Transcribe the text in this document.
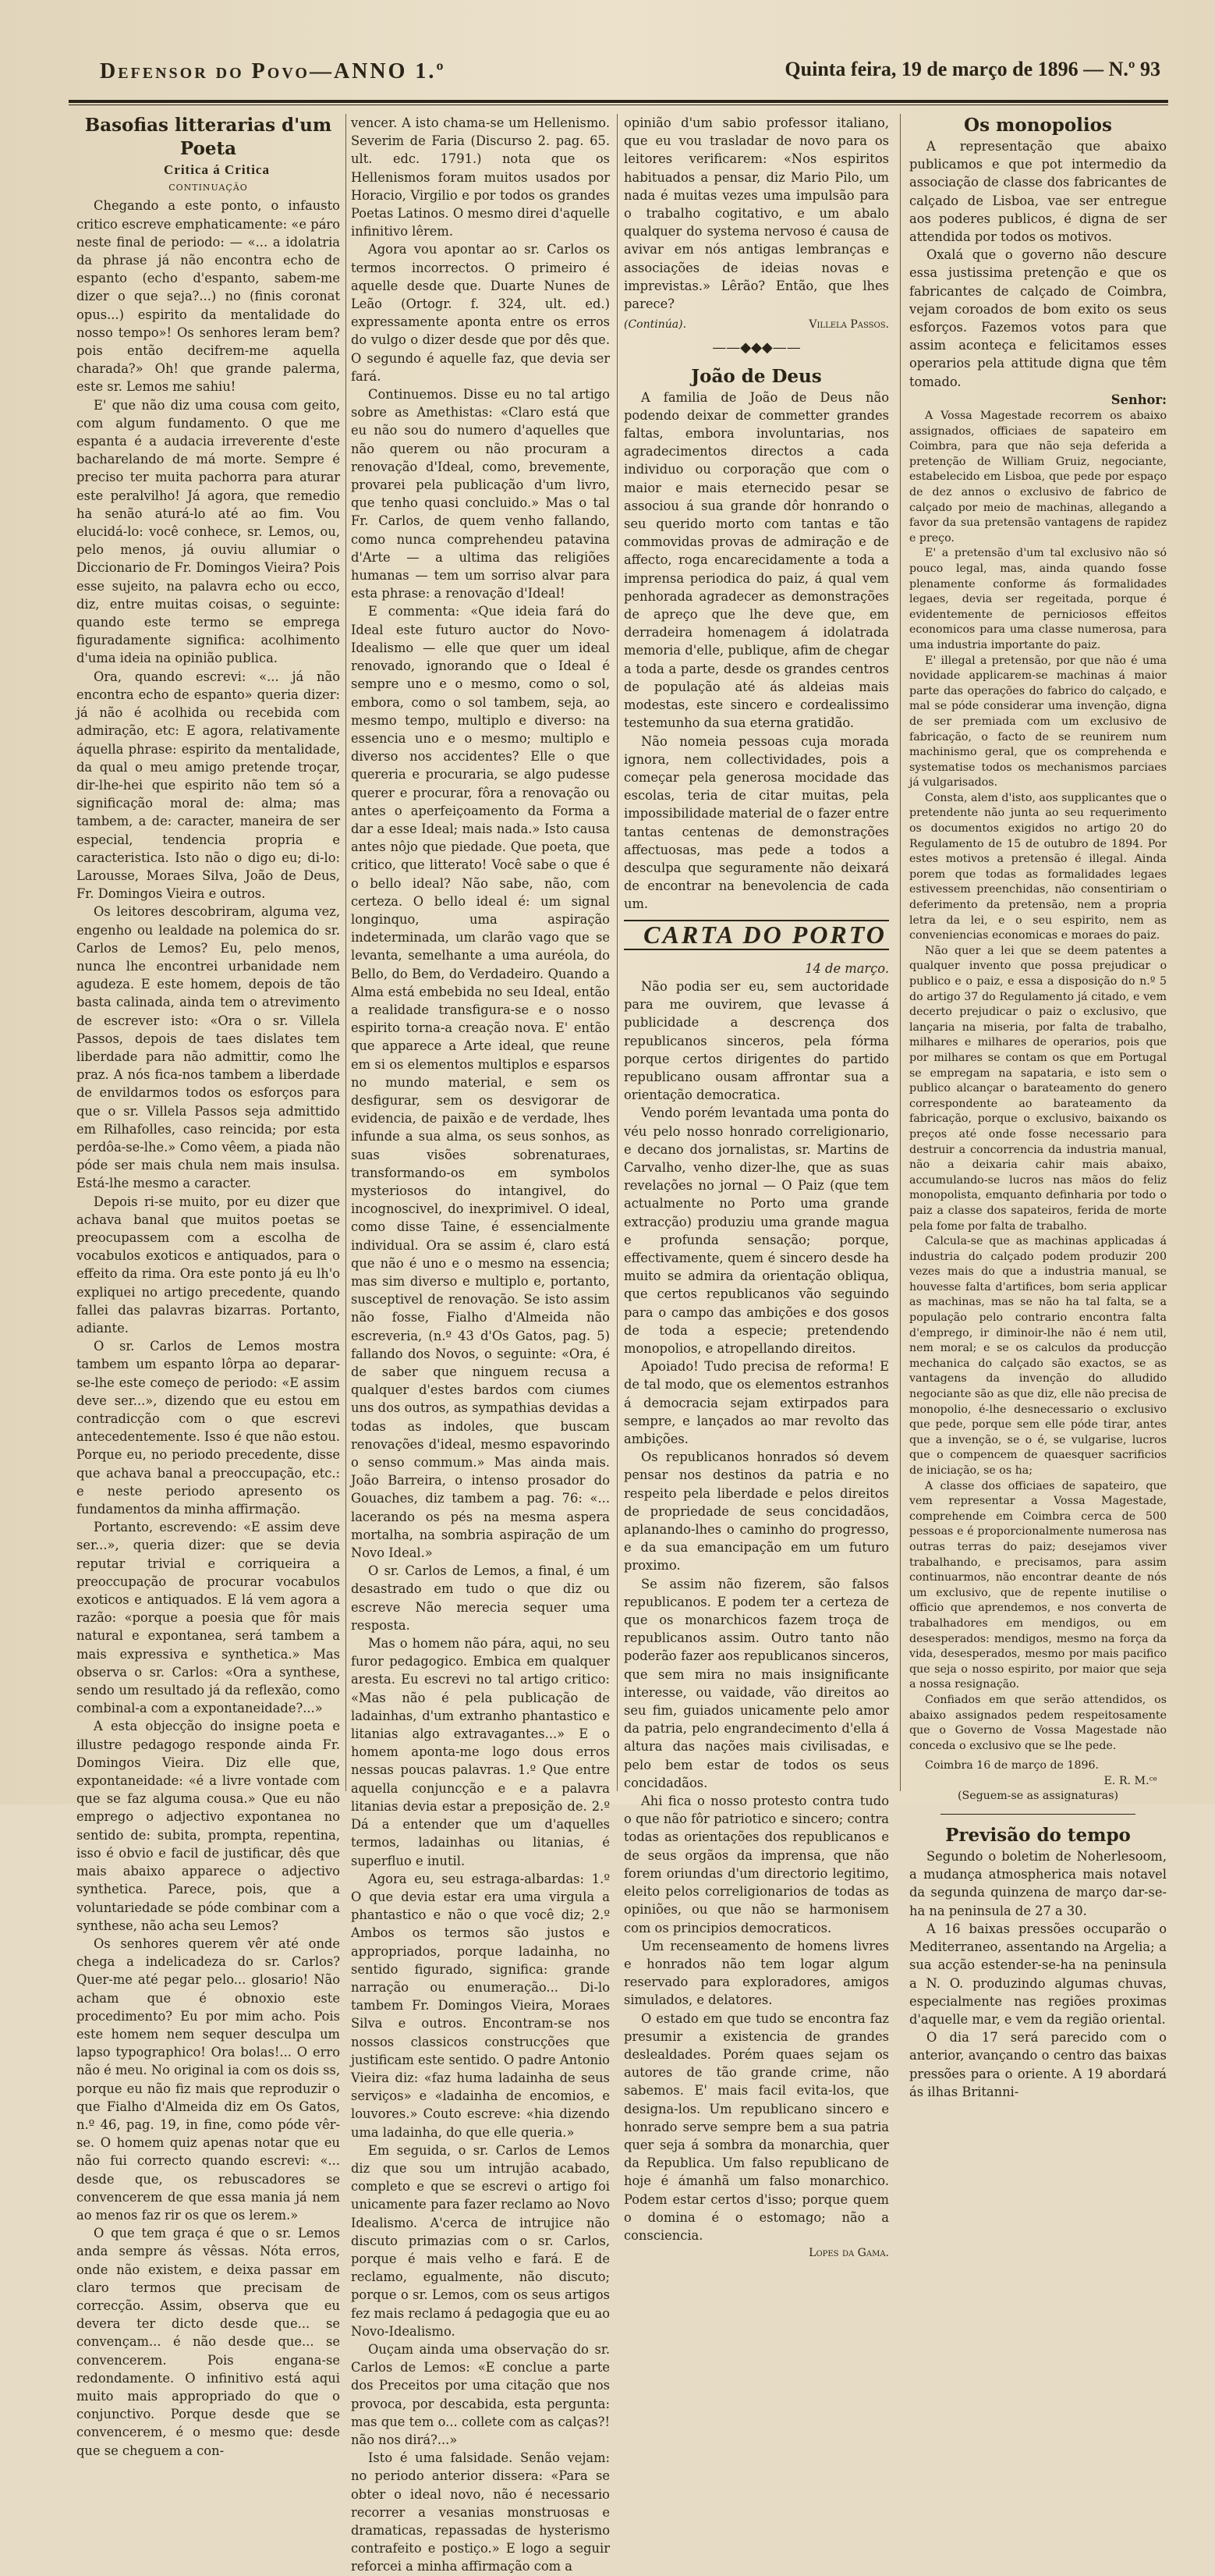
Defensor do Povo—ANNO 1.º	Quinta feira, 19 de março de 1896 — N.º 93

Basofias litterarias d'um Poeta

Critica á Critica

CONTINUAÇÃO

Chegando a este ponto, o infausto critico escreve emphaticamente: «e páro neste final de periodo: — «... a idolatria da phrase já não encontra echo de espanto (echo d'espanto, sabem-me dizer o que seja?...) no (finis coronat opus...) espirito da mentalidade do nosso tempo»! Os senhores leram bem? pois então decifrem-me aquella charada?» Oh! que grande palerma, este sr. Lemos me sahiu!

E' que não diz uma cousa com geito, com algum fundamento. O que me espanta é a audacia irreverente d'este bacharelando de má morte. Sempre é preciso ter muita pachorra para aturar este peralvilho! Já agora, que remedio ha senão aturá-lo até ao fim. Vou elucidá-lo: você conhece, sr. Lemos, ou, pelo menos, já ouviu allumiar o Diccionario de Fr. Domingos Vieira? Pois esse sujeito, na palavra echo ou ecco, diz, entre muitas coisas, o seguinte: quando este termo se emprega figuradamente significa: acolhimento d'uma ideia na opinião publica.

Ora, quando escrevi: «... já não encontra echo de espanto» queria dizer: já não é acolhida ou recebida com admiração, etc: E agora, relativamente áquella phrase: espirito da mentalidade, da qual o meu amigo pretende troçar, dir-lhe-hei que espirito não tem só a significação moral de: alma; mas tambem, a de: caracter, maneira de ser especial, tendencia propria e caracteristica. Isto não o digo eu; di-lo: Larousse, Moraes Silva, João de Deus, Fr. Domingos Vieira e outros.

Os leitores descobriram, alguma vez, engenho ou lealdade na polemica do sr. Carlos de Lemos? Eu, pelo menos, nunca lhe encontrei urbanidade nem agudeza. E este homem, depois de tão basta calinada, ainda tem o atrevimento de escrever isto: «Ora o sr. Villela Passos, depois de taes dislates tem liberdade para não admittir, como lhe praz. A nós fica-nos tambem a liberdade de envildarmos todos os esforços para que o sr. Villela Passos seja admittido em Rilhafolles, caso reincida; por esta perdôa-se-lhe.» Como vêem, a piada não póde ser mais chula nem mais insulsa. Está-lhe mesmo a caracter.

Depois ri-se muito, por eu dizer que achava banal que muitos poetas se preocupassem com a escolha de vocabulos exoticos e antiquados, para o effeito da rima. Ora este ponto já eu lh'o expliquei no artigo precedente, quando fallei das palavras bizarras. Portanto, adiante.

O sr. Carlos de Lemos mostra tambem um espanto lôrpa ao deparar-se-lhe este começo de periodo: «E assim deve ser...», dizendo que eu estou em contradicção com o que escrevi antecedentemente. Isso é que não estou. Porque eu, no periodo precedente, disse que achava banal a preoccupação, etc.: e neste periodo apresento os fundamentos da minha affirmação.

Portanto, escrevendo: «E assim deve ser...», queria dizer: que se devia reputar trivial e corriqueira a preoccupação de procurar vocabulos exoticos e antiquados. E lá vem agora a razão: «porque a poesia que fôr mais natural e expontanea, será tambem a mais expressiva e synthetica.» Mas observa o sr. Carlos: «Ora a synthese, sendo um resultado já da reflexão, como combinal-a com a expontaneidade?...»

A esta objecção do insigne poeta e illustre pedagogo responde ainda Fr. Domingos Vieira. Diz elle que, expontaneidade: «é a livre vontade com que se faz alguma cousa.» Que eu não emprego o adjectivo expontanea no sentido de: subita, prompta, repentina, isso é obvio e facil de justificar, dês que mais abaixo apparece o adjectivo synthetica. Parece, pois, que a voluntariedade se póde combinar com a synthese, não acha seu Lemos?

Os senhores querem vêr até onde chega a indelicadeza do sr. Carlos? Quer-me até pegar pelo... glosario! Não acham que é obnoxio este procedimento? Eu por mim acho. Pois este homem nem sequer desculpa um lapso typographico! Ora bolas!... O erro não é meu. No original ia com os dois ss, porque eu não fiz mais que reproduzir o que Fialho d'Almeida diz em Os Gatos, n.º 46, pag. 19, in fine, como póde vêr-se. O homem quiz apenas notar que eu não fui correcto quando escrevi: «... desde que, os rebuscadores se convencerem de que essa mania já nem ao menos faz rir os que os lerem.»

O que tem graça é que o sr. Lemos anda sempre ás vêssas. Nóta erros, onde não existem, e deixa passar em claro termos que precisam de correcção. Assim, observa que eu devera ter dicto desde que... se convençam... é não desde que... se convencerem. Pois engana-se redondamente. O infinitivo está aqui muito mais appropriado do que o conjunctivo. Porque desde que se convencerem, é o mesmo que: desde que se cheguem a con-

vencer. A isto chama-se um Hellenismo. Severim de Faria (Discurso 2. pag. 65. ult. edc. 1791.) nota que os Hellenismos foram muitos usados por Horacio, Virgilio e por todos os grandes Poetas Latinos. O mesmo direi d'aquelle infinitivo lêrem.

Agora vou apontar ao sr. Carlos os termos incorrectos. O primeiro é aquelle desde que. Duarte Nunes de Leão (Ortogr. f. 324, ult. ed.) expressamente aponta entre os erros do vulgo o dizer desde que por dês que. O segundo é aquelle faz, que devia ser fará.

Continuemos. Disse eu no tal artigo sobre as Amethistas: «Claro está que eu não sou do numero d'aquelles que não querem ou não procuram a renovação d'Ideal, como, brevemente, provarei pela publicação d'um livro, que tenho quasi concluido.» Mas o tal Fr. Carlos, de quem venho fallando, como nunca comprehendeu patavina d'Arte — a ultima das religiões humanas — tem um sorriso alvar para esta phrase: a renovação d'Ideal!

E commenta: «Que ideia fará do Ideal este futuro auctor do Novo-Idealismo — elle que quer um ideal renovado, ignorando que o Ideal é sempre uno e o mesmo, como o sol, embora, como o sol tambem, seja, ao mesmo tempo, multiplo e diverso: na essencia uno e o mesmo; multiplo e diverso nos accidentes? Elle o que quereria e procuraria, se algo pudesse querer e procurar, fôra a renovação ou antes o aperfeiçoamento da Forma a dar a esse Ideal; mais nada.» Isto causa antes nôjo que piedade. Que poeta, que critico, que litterato! Você sabe o que é o bello ideal? Não sabe, não, com certeza. O bello ideal é: um signal longinquo, uma aspiração indeterminada, um clarão vago que se levanta, semelhante a uma auréola, do Bello, do Bem, do Verdadeiro. Quando a Alma está embebida no seu Ideal, então a realidade transfigura-se e o nosso espirito torna-a creação nova. E' então que apparece a Arte ideal, que reune em si os elementos multiplos e esparsos no mundo material, e sem os desfigurar, sem os desvigorar de evidencia, de paixão e de verdade, lhes infunde a sua alma, os seus sonhos, as suas visões sobrenaturaes, transformando-os em symbolos mysteriosos do intangivel, do incognoscivel, do inexprimivel. O ideal, como disse Taine, é essencialmente individual. Ora se assim é, claro está que não é uno e o mesmo na essencia; mas sim diverso e multiplo e, portanto, susceptivel de renovação. Se isto assim não fosse, Fialho d'Almeida não escreveria, (n.º 43 d'Os Gatos, pag. 5) fallando dos Novos, o seguinte: «Ora, é de saber que ninguem recusa a qualquer d'estes bardos com ciumes uns dos outros, as sympathias devidas a todas as indoles, que buscam renovações d'ideal, mesmo espavorindo o senso commum.» Mas ainda mais. João Barreira, o intenso prosador do Gouaches, diz tambem a pag. 76: «... lacerando os pés na mesma aspera mortalha, na sombria aspiração de um Novo Ideal.»

O sr. Carlos de Lemos, a final, é um desastrado em tudo o que diz ou escreve Não merecia sequer uma resposta.

Mas o homem não pára, aqui, no seu furor pedagogico. Embica em qualquer aresta. Eu escrevi no tal artigo critico: «Mas não é pela publicação de ladainhas, d'um extranho phantastico e litanias algo extravagantes...» E o homem aponta-me logo dous erros nessas poucas palavras. 1.º Que entre aquella conjuncção e e a palavra litanias devia estar a preposição de. 2.º Dá a entender que um d'aquelles termos, ladainhas ou litanias, é superfluo e inutil.

Agora eu, seu estraga-albardas: 1.º O que devia estar era uma virgula a phantastico e não o que você diz; 2.º Ambos os termos são justos e appropriados, porque ladainha, no sentido figurado, significa: grande narração ou enumeração... Di-lo tambem Fr. Domingos Vieira, Moraes Silva e outros. Encontram-se nos nossos classicos construcções que justificam este sentido. O padre Antonio Vieira diz: «faz huma ladainha de seus serviços» e «ladainha de encomios, e louvores.» Couto escreve: «hia dizendo uma ladainha, do que elle queria.»

Em seguida, o sr. Carlos de Lemos diz que sou um intrujão acabado, completo e que se escrevi o artigo foi unicamente para fazer reclamo ao Novo Idealismo. A'cerca de intrujice não discuto primazias com o sr. Carlos, porque é mais velho e fará. E de reclamo, egualmente, não discuto; porque o sr. Lemos, com os seus artigos fez mais reclamo á pedagogia que eu ao Novo-Idealismo.

Ouçam ainda uma observação do sr. Carlos de Lemos: «E conclue a parte dos Preceitos por uma citação que nos provoca, por descabida, esta pergunta: mas que tem o... collete com as calças?! não nos dirá?...»

Isto é uma falsidade. Senão vejam: no periodo anterior dissera: «Para se obter o ideal novo, não é necessario recorrer a vesanias monstruosas e dramaticas, repassadas de hysterismo contrafeito e postiço.» E logo a seguir reforcei a minha affirmação com a

opinião d'um sabio professor italiano, que eu vou trasladar de novo para os leitores verificarem: «Nos espiritos habituados a pensar, diz Mario Pilo, um nada é muitas vezes uma impulsão para o trabalho cogitativo, e um abalo qualquer do systema nervoso é causa de avivar em nós antigas lembranças e associações de ideias novas e imprevistas.» Lêrão? Então, que lhes parece?

(Continúa).	Villela Passos.
——◆◆◆——

João de Deus

A familia de João de Deus não podendo deixar de commetter grandes faltas, embora involuntarias, nos agradecimentos directos a cada individuo ou corporação que com o maior e mais eternecido pesar se associou á sua grande dôr honrando o seu querido morto com tantas e tão commovidas provas de admiração e de affecto, roga encarecidamente a toda a imprensa periodica do paiz, á qual vem penhorada agradecer as demonstrações de apreço que lhe deve que, em derradeira homenagem á idolatrada memoria d'elle, publique, afim de chegar a toda a parte, desde os grandes centros de população até ás aldeias mais modestas, este sincero e cordealissimo testemunho da sua eterna gratidão.

Não nomeia pessoas cuja morada ignora, nem collectividades, pois a começar pela generosa mocidade das escolas, teria de citar muitas, pela impossibilidade material de o fazer entre tantas centenas de demonstrações affectuosas, mas pede a todos a desculpa que seguramente não deixará de encontrar na benevolencia de cada um.

CARTA DO PORTO

14 de março.

Não podia ser eu, sem auctoridade para me ouvirem, que levasse á publicidade a descrença dos republicanos sinceros, pela fórma porque certos dirigentes do partido republicano ousam affrontar sua a orientação democratica.

Vendo porém levantada uma ponta do véu pelo nosso honrado correligionario, e decano dos jornalistas, sr. Martins de Carvalho, venho dizer-lhe, que as suas revelações no jornal — O Paiz (que tem actualmente no Porto uma grande extracção) produziu uma grande magua e profunda sensação; porque, effectivamente, quem é sincero desde ha muito se admira da orientação obliqua, que certos republicanos vão seguindo para o campo das ambições e dos gosos de toda a especie; pretendendo monopolios, e atropellando direitos.

Apoiado! Tudo precisa de reforma! E de tal modo, que os elementos estranhos á democracia sejam extirpados para sempre, e lançados ao mar revolto das ambições.

Os republicanos honrados só devem pensar nos destinos da patria e no respeito pela liberdade e pelos direitos de propriedade de seus concidadãos, aplanando-lhes o caminho do progresso, e da sua emancipação em um futuro proximo.

Se assim não fizerem, são falsos republicanos. E podem ter a certeza de que os monarchicos fazem troça de republicanos assim. Outro tanto não poderão fazer aos republicanos sinceros, que sem mira no mais insignificante interesse, ou vaidade, vão direitos ao seu fim, guiados unicamente pelo amor da patria, pelo engrandecimento d'ella á altura das nações mais civilisadas, e pelo bem estar de todos os seus concidadãos.

Ahi fica o nosso protesto contra tudo o que não fôr patriotico e sincero; contra todas as orientações dos republicanos e de seus orgãos da imprensa, que não forem oriundas d'um directorio legitimo, eleito pelos correligionarios de todas as opiniões, ou que não se harmonisem com os principios democraticos.

Um recenseamento de homens livres e honrados não tem logar algum reservado para exploradores, amigos simulados, e delatores.

O estado em que tudo se encontra faz presumir a existencia de grandes deslealdades. Porém quaes sejam os autores de tão grande crime, não sabemos. E' mais facil evita-los, que designa-los. Um republicano sincero e honrado serve sempre bem a sua patria quer seja á sombra da monarchia, quer da Republica. Um falso republicano de hoje é ámanhã um falso monarchico. Podem estar certos d'isso; porque quem o domina é o estomago; não a consciencia.

Lopes da Gama.

Os monopolios

A representação que abaixo publicamos e que pot intermedio da associação de classe dos fabricantes de calçado de Lisboa, vae ser entregue aos poderes publicos, é digna de ser attendida por todos os motivos.

Oxalá que o governo não descure essa justissima pretenção e que os fabricantes de calçado de Coimbra, vejam coroados de bom exito os seus esforços. Fazemos votos para que assim aconteça e felicitamos esses operarios pela attitude digna que têm tomado.

Senhor:

A Vossa Magestade recorrem os abaixo assignados, officiaes de sapateiro em Coimbra, para que não seja deferida a pretenção de William Gruiz, negociante, estabelecido em Lisboa, que pede por espaço de dez annos o exclusivo de fabrico de calçado por meio de machinas, allegando a favor da sua pretensão vantagens de rapidez e preço.

E' a pretensão d'um tal exclusivo não só pouco legal, mas, ainda quando fosse plenamente conforme ás formalidades legaes, devia ser regeitada, porque é evidentemente de perniciosos effeitos economicos para uma classe numerosa, para uma industria importante do paiz.

E' illegal a pretensão, por que não é uma novidade applicarem-se machinas á maior parte das operações do fabrico do calçado, e mal se póde considerar uma invenção, digna de ser premiada com um exclusivo de fabricação, o facto de se reunirem num machinismo geral, que os comprehenda e systematise todos os mechanismos parciaes já vulgarisados.

Consta, alem d'isto, aos supplicantes que o pretendente não junta ao seu requerimento os documentos exigidos no artigo 20 do Regulamento de 15 de outubro de 1894. Por estes motivos a pretensão é illegal. Ainda porem que todas as formalidades legaes estivessem preenchidas, não consentiriam o deferimento da pretensão, nem a propria letra da lei, e o seu espirito, nem as conveniencias economicas e moraes do paiz.

Não quer a lei que se deem patentes a qualquer invento que possa prejudicar o publico e o paiz, e essa a disposição do n.º 5 do artigo 37 do Regulamento já citado, e vem decerto prejudicar o paiz o exclusivo, que lançaria na miseria, por falta de trabalho, milhares e milhares de operarios, pois que por milhares se contam os que em Portugal se empregam na sapataria, e isto sem o publico alcançar o barateamento do genero correspondente ao barateamento da fabricação, porque o exclusivo, baixando os preços até onde fosse necessario para destruir a concorrencia da industria manual, não a deixaria cahir mais abaixo, accumulando-se lucros nas mãos do feliz monopolista, emquanto definharia por todo o paiz a classe dos sapateiros, ferida de morte pela fome por falta de trabalho.

Calcula-se que as machinas applicadas á industria do calçado podem produzir 200 vezes mais do que a industria manual, se houvesse falta d'artifices, bom seria applicar as machinas, mas se não ha tal falta, se a população pelo contrario encontra falta d'emprego, ir diminoir-lhe não é nem util, nem moral; e se os calculos da producção mechanica do calçado são exactos, se as vantagens da invenção do alludido negociante são as que diz, elle não precisa de monopolio, é-lhe desnecessario o exclusivo que pede, porque sem elle póde tirar, antes que a invenção, se o é, se vulgarise, lucros que o compencem de quaesquer sacrificios de iniciação, se os ha;

A classe dos officiaes de sapateiro, que vem representar a Vossa Magestade, comprehende em Coimbra cerca de 500 pessoas e é proporcionalmente numerosa nas outras terras do paiz; desejamos viver trabalhando, e precisamos, para assim continuarmos, não encontrar deante de nós um exclusivo, que de repente inutilise o officio que aprendemos, e nos converta de trabalhadores em mendigos, ou em desesperados: mendigos, mesmo na força da vida, desesperados, mesmo por mais pacifico que seja o nosso espirito, por maior que seja a nossa resignação.

Confiados em que serão attendidos, os abaixo assignados pedem respeitosamente que o Governo de Vossa Magestade não conceda o exclusivo que se lhe pede.

Coimbra 16 de março de 1896.

E. R. M.ᶜᵉ

(Seguem-se as assignaturas)

Previsão do tempo

Segundo o boletim de Noherlesoom, a mudança atmospherica mais notavel da segunda quinzena de março dar-se-ha na peninsula de 27 a 30.

A 16 baixas pressões occuparão o Mediterraneo, assentando na Argelia; a sua acção estender-se-ha na peninsula a N. O. produzindo algumas chuvas, especialmente nas regiões proximas d'aquelle mar, e vem da região oriental.

O dia 17 será parecido com o anterior, avançando o centro das baixas pressões para o oriente. A 19 abordará ás ilhas Britanni-
